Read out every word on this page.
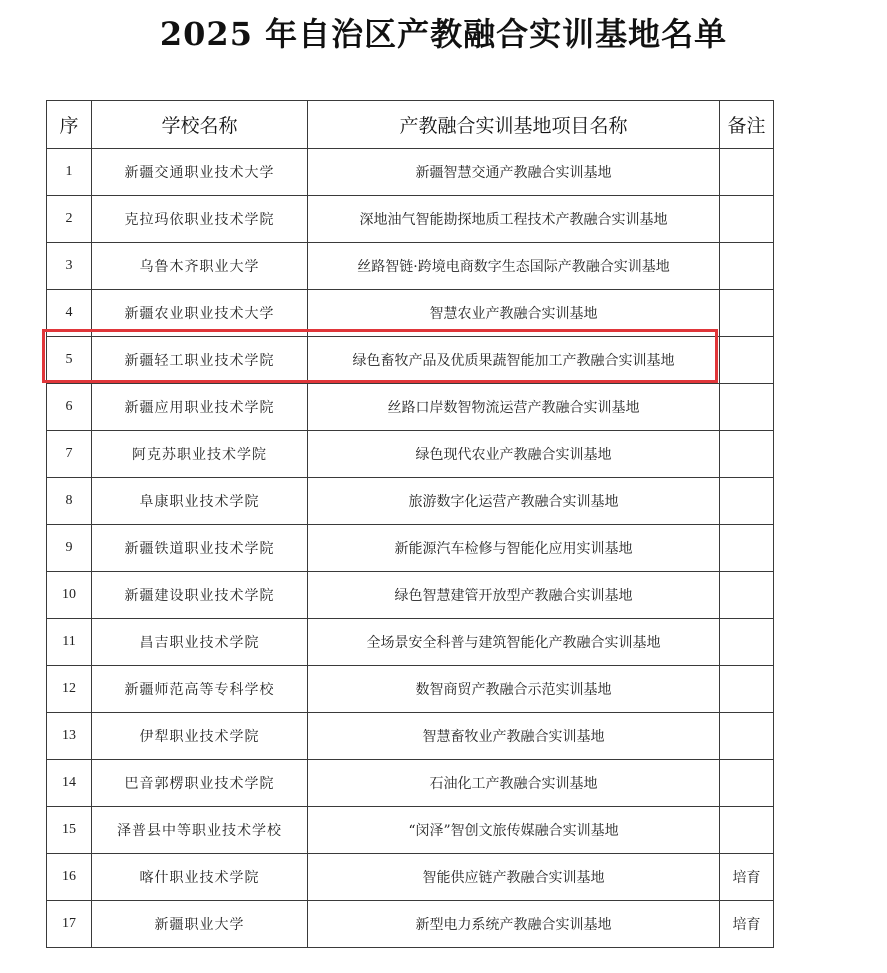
2025 年自治区产教融合实训基地名单
序	学校名称	产教融合实训基地项目名称	备注
1	新疆交通职业技术大学	新疆智慧交通产教融合实训基地	
2	克拉玛依职业技术学院	深地油气智能勘探地质工程技术产教融合实训基地	
3	乌鲁木齐职业大学	丝路智链·跨境电商数字生态国际产教融合实训基地	
4	新疆农业职业技术大学	智慧农业产教融合实训基地	
5	新疆轻工职业技术学院	绿色畜牧产品及优质果蔬智能加工产教融合实训基地	
6	新疆应用职业技术学院	丝路口岸数智物流运营产教融合实训基地	
7	阿克苏职业技术学院	绿色现代农业产教融合实训基地	
8	阜康职业技术学院	旅游数字化运营产教融合实训基地	
9	新疆铁道职业技术学院	新能源汽车检修与智能化应用实训基地	
10	新疆建设职业技术学院	绿色智慧建管开放型产教融合实训基地	
11	昌吉职业技术学院	全场景安全科普与建筑智能化产教融合实训基地	
12	新疆师范高等专科学校	数智商贸产教融合示范实训基地	
13	伊犁职业技术学院	智慧畜牧业产教融合实训基地	
14	巴音郭楞职业技术学院	石油化工产教融合实训基地	
15	泽普县中等职业技术学校	“闵泽”智创文旅传媒融合实训基地	
16	喀什职业技术学院	智能供应链产教融合实训基地	培育
17	新疆职业大学	新型电力系统产教融合实训基地	培育
